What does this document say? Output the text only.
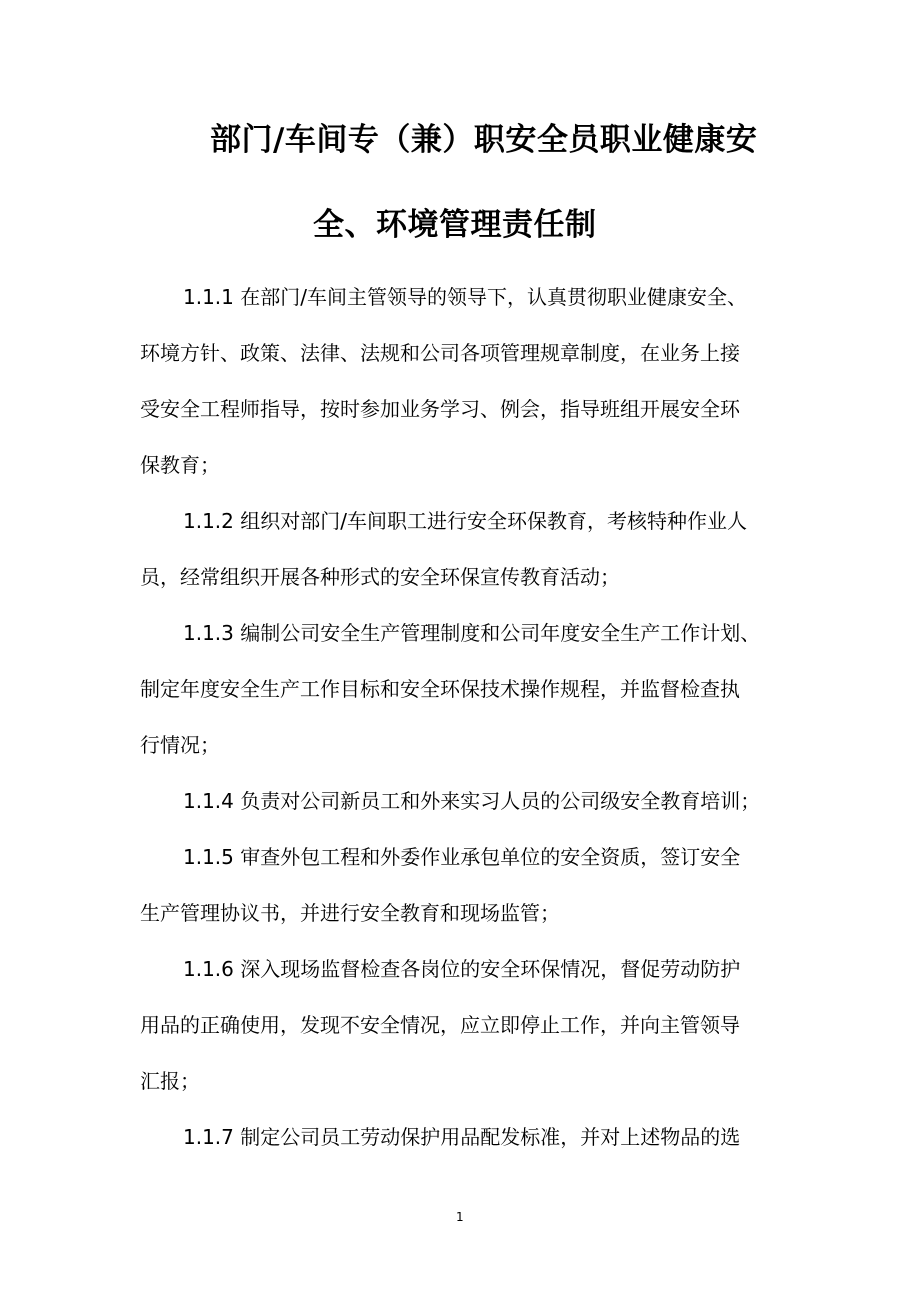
部门/车间专（兼）职安全员职业健康安
全、环境管理责任制
1.1.1 在部门/车间主管领导的领导下，认真贯彻职业健康安全、
环境方针、政策、法律、法规和公司各项管理规章制度，在业务上接
受安全工程师指导，按时参加业务学习、例会，指导班组开展安全环
保教育；
1.1.2 组织对部门/车间职工进行安全环保教育，考核特种作业人
员，经常组织开展各种形式的安全环保宣传教育活动；
1.1.3 编制公司安全生产管理制度和公司年度安全生产工作计划、
制定年度安全生产工作目标和安全环保技术操作规程，并监督检查执
行情况；
1.1.4 负责对公司新员工和外来实习人员的公司级安全教育培训；
1.1.5 审查外包工程和外委作业承包单位的安全资质，签订安全
生产管理协议书，并进行安全教育和现场监管；
1.1.6 深入现场监督检查各岗位的安全环保情况，督促劳动防护
用品的正确使用，发现不安全情况，应立即停止工作，并向主管领导
汇报；
1.1.7 制定公司员工劳动保护用品配发标准，并对上述物品的选
1
